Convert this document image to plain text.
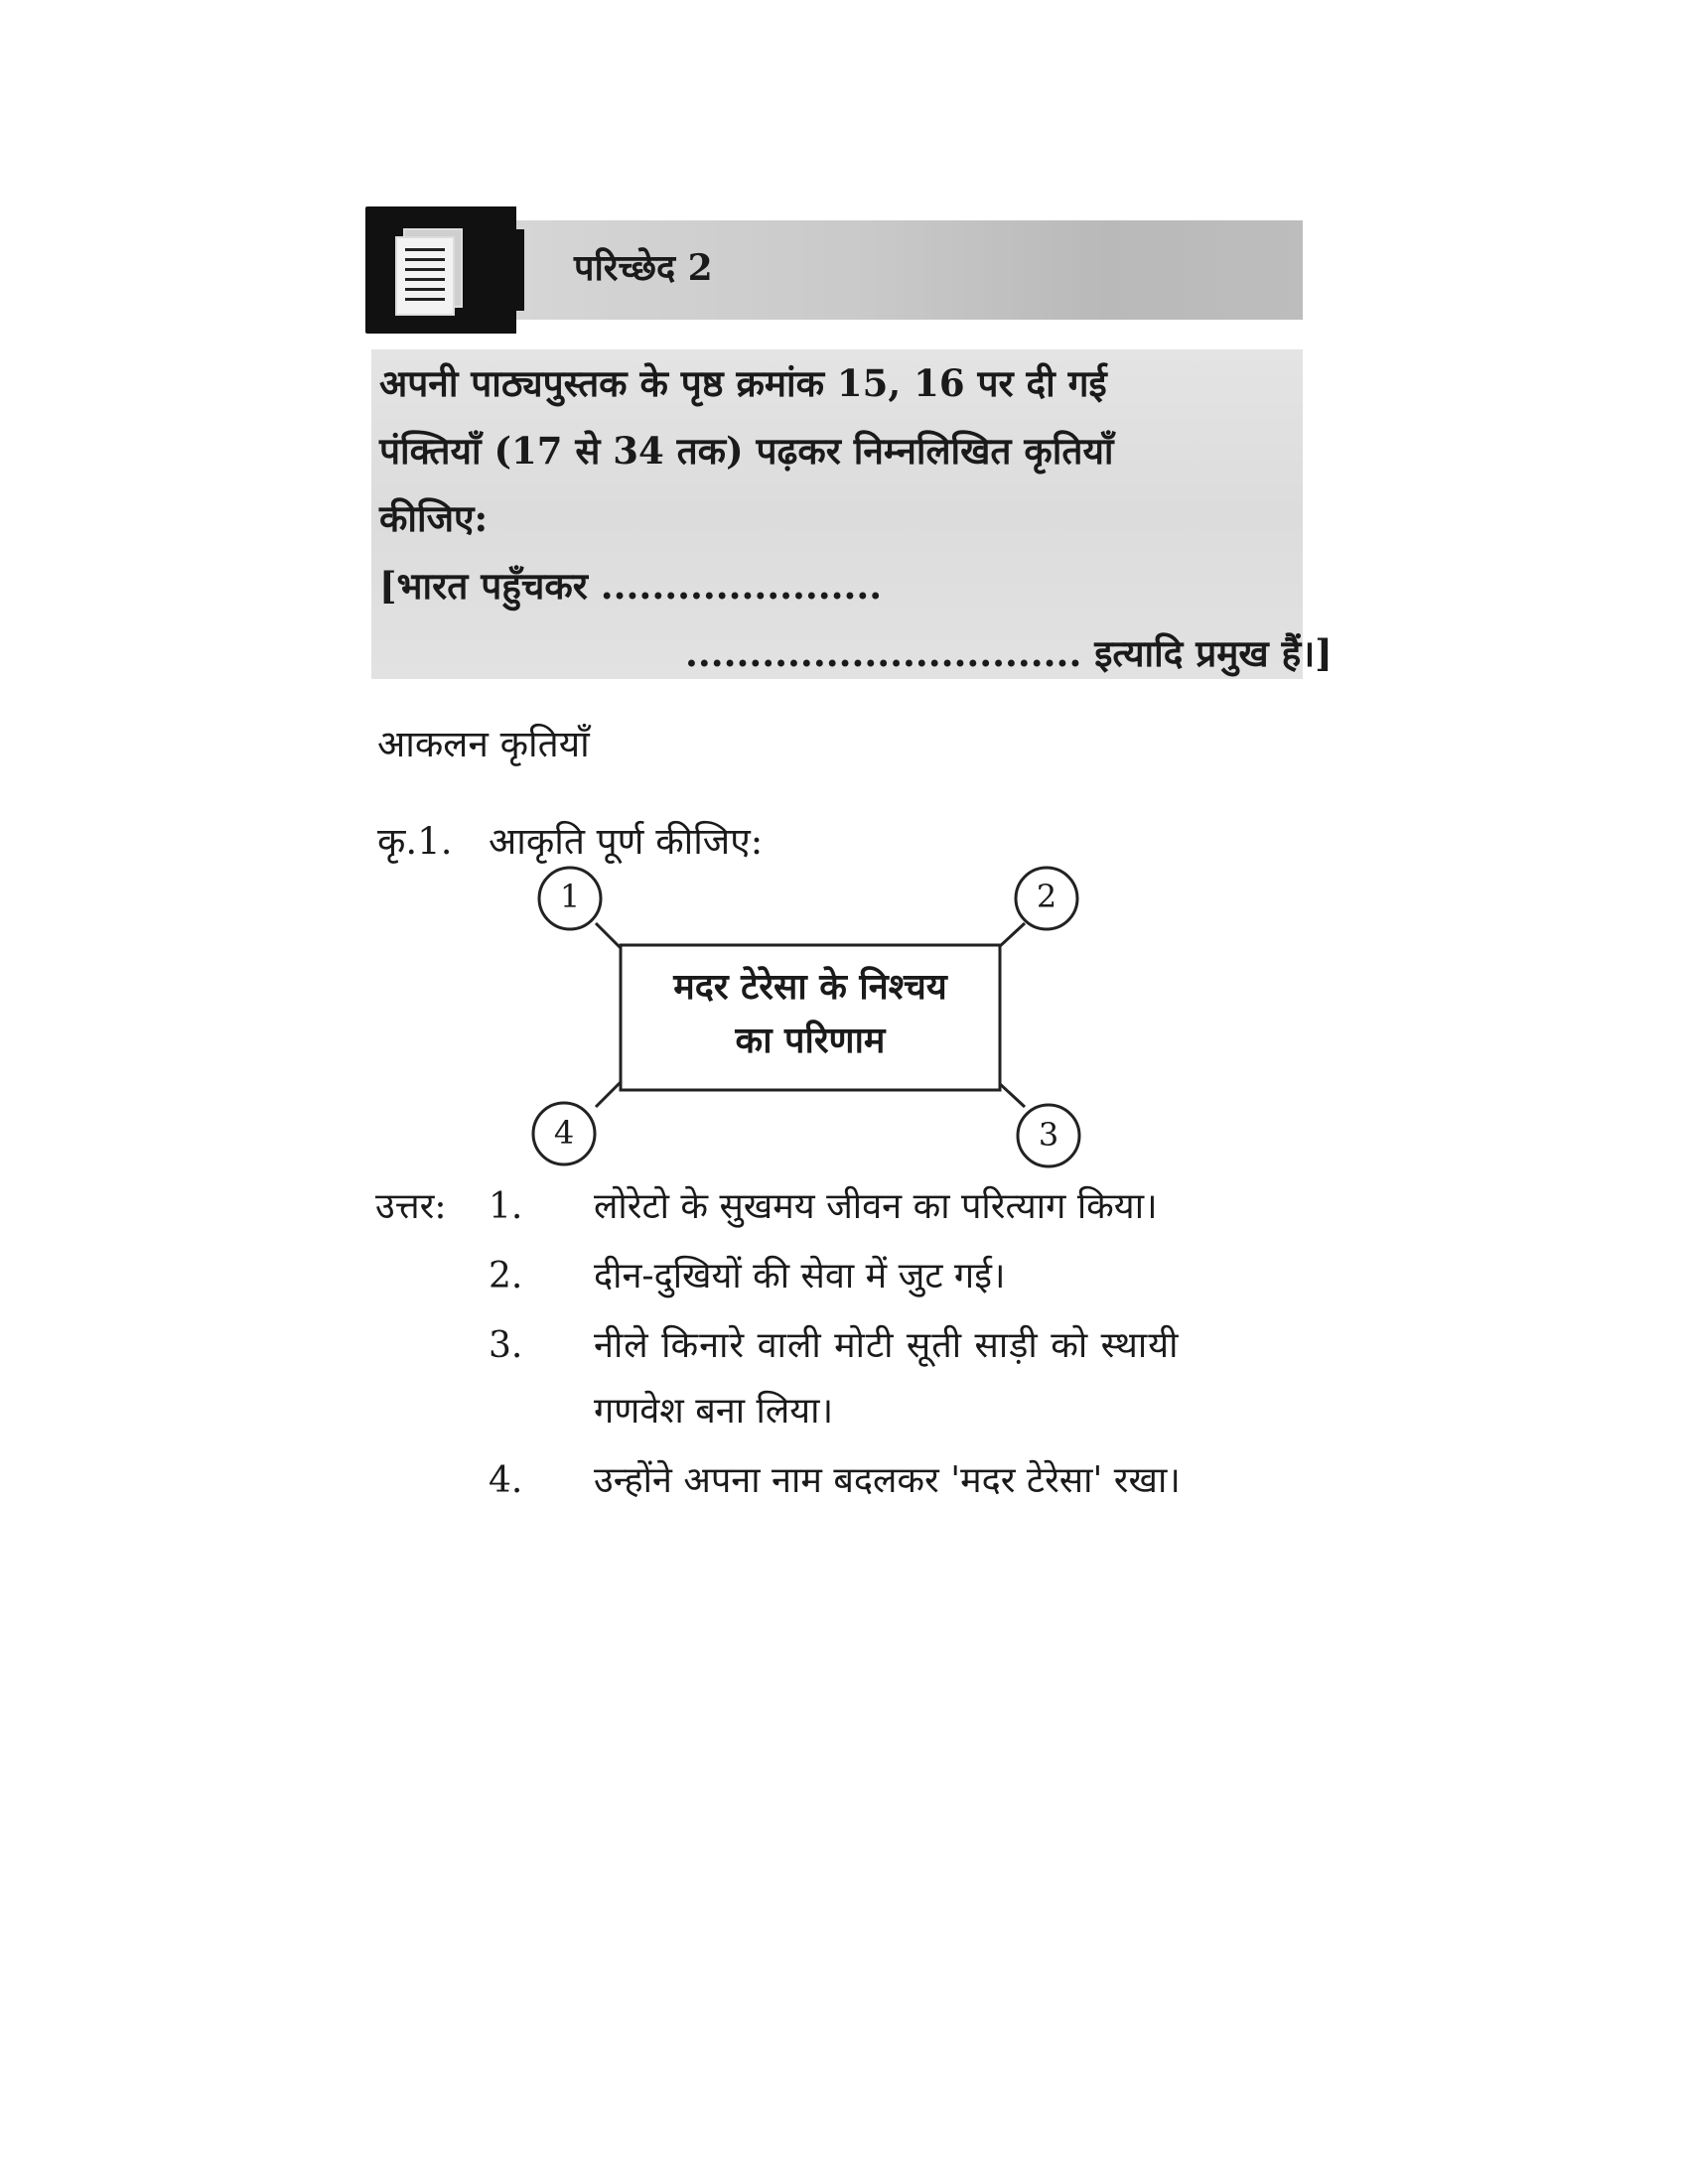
परिच्छेद 2
अपनी पाठ्यपुस्तक के पृष्ठ क्रमांक 15, 16 पर दी गई
पंक्तियाँ (17 से 34 तक) पढ़कर निम्नलिखित कृतियाँ
कीजिए:
[भारत पहुँचकर ......................
............................... इत्यादि प्रमुख हैं।]
आकलन कृतियाँ
कृ.1. आकृति पूर्ण कीजिए:
1	2
4	3
मदर टेरेसा के निश्चय
का परिणाम
उत्तर: 1. लोरेटो के सुखमय जीवन का परित्याग किया।
2. दीन-दुखियों की सेवा में जुट गई।
3. नीले किनारे वाली मोटी सूती साड़ी को स्थायी
गणवेश बना लिया।
4. उन्होंने अपना नाम बदलकर 'मदर टेरेसा' रखा।
